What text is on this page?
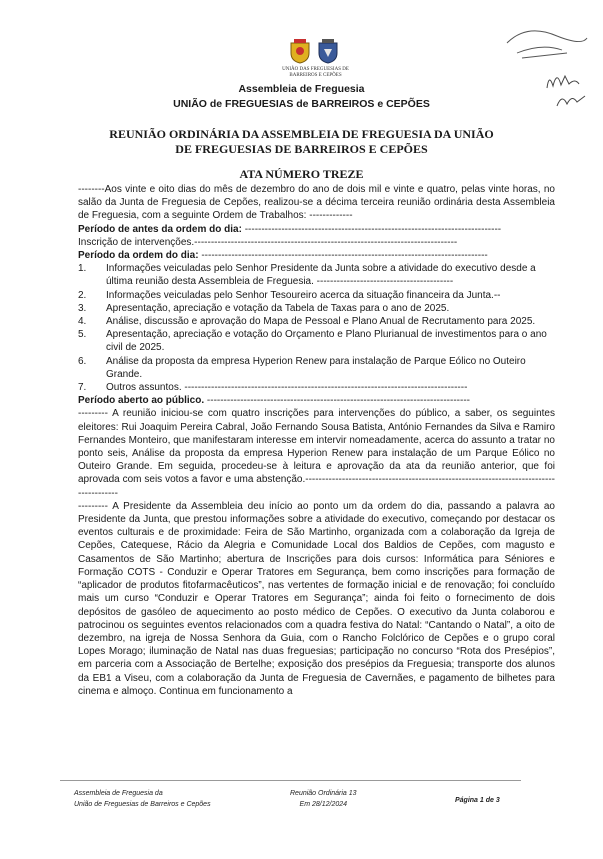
UNIÃO DAS FREGUESIAS DE BARREIROS E CEPÕES
Assembleia de Freguesia
UNIÃO de FREGUESIAS de BARREIROS e CEPÕES
REUNIÃO ORDINÁRIA DA ASSEMBLEIA DE FREGUESIA DA UNIÃO DE FREGUESIAS DE BARREIROS E CEPÕES
ATA NÚMERO TREZE

--------Aos vinte e oito dias do mês de dezembro do ano de dois mil e vinte e quatro, pelas vinte horas, no salão da Junta de Freguesia de Cepões, realizou-se a décima terceira reunião ordinária desta Assembleia de Freguesia, com a seguinte Ordem de Trabalhos: -------------

Período de antes da ordem do dia: -----------------------------------------------------------------------------

Inscrição de intervenções.-------------------------------------------------------------------------------

Período da ordem do dia: --------------------------------------------------------------------------------------

1.	Informações veiculadas pelo Senhor Presidente da Junta sobre a atividade do executivo desde a última reunião desta Assembleia de Freguesia. -----------------------------------------
2.	Informações veiculadas pelo Senhor Tesoureiro acerca da situação financeira da Junta.--
3.	Apresentação, apreciação e votação da Tabela de Taxas para o ano de 2025.
4.	Análise, discussão e aprovação do Mapa de Pessoal e Plano Anual de Recrutamento para 2025.
5.	Apresentação, apreciação e votação do Orçamento e Plano Plurianual de investimentos para o ano civil de 2025.
6.	Análise da proposta da empresa Hyperion Renew para instalação de Parque Eólico no Outeiro Grande.
7.	Outros assuntos. -------------------------------------------------------------------------------------

Período aberto ao público. -------------------------------------------------------------------------------

--------- A reunião iniciou-se com quatro inscrições para intervenções do público, a saber, os seguintes eleitores: Rui Joaquim Pereira Cabral, João Fernando Sousa Batista, António Fernandes da Silva e Ramiro Fernandes Monteiro, que manifestaram interesse em intervir nomeadamente, acerca do assunto a tratar no ponto seis, Análise da proposta da empresa Hyperion Renew para instalação de um Parque Eólico no Outeiro Grande. Em seguida, procedeu-se à leitura e aprovação da ata da reunião anterior, que foi aprovada com seis votos a favor e uma abstenção.---------------------------------------------------------------------------------------

--------- A Presidente da Assembleia deu início ao ponto um da ordem do dia, passando a palavra ao Presidente da Junta, que prestou informações sobre a atividade do executivo, começando por destacar os eventos culturais e de proximidade: Feira de São Martinho, organizada com a colaboração da Igreja de Cepões, Catequese, Rácio da Alegria e Comunidade Local dos Baldios de Cepões, com magusto e Casamentos de São Martinho; abertura de Inscrições para dois cursos: Informática para Séniores e Formação COTS - Conduzir e Operar Tratores em Segurança, bem como inscrições para formação de “aplicador de produtos fitofarmacêuticos”, nas vertentes de formação inicial e de renovação; foi concluído mais um curso “Conduzir e Operar Tratores em Segurança”; ainda foi feito o fornecimento de dois depósitos de gasóleo de aquecimento ao posto médico de Cepões. O executivo da Junta colaborou e patrocinou os seguintes eventos relacionados com a quadra festiva do Natal: “Cantando o Natal”, a oito de dezembro, na igreja de Nossa Senhora da Guia, com o Rancho Folclórico de Cepões e o grupo coral Lopes Morago; iluminação de Natal nas duas freguesias; participação no concurso “Rota dos Presépios”, em parceria com a Associação de Bertelhe; exposição dos presépios da Freguesia; transporte dos alunos da EB1 a Viseu, com a colaboração da Junta de Freguesia de Cavernães, e pagamento de bilhetes para cinema e almoço. Continua em funcionamento a

Assembleia de Freguesia da
União de Freguesias de Barreiros e Cepões
Reunião Ordinária 13
Em 28/12/2024
Página 1 de 3
